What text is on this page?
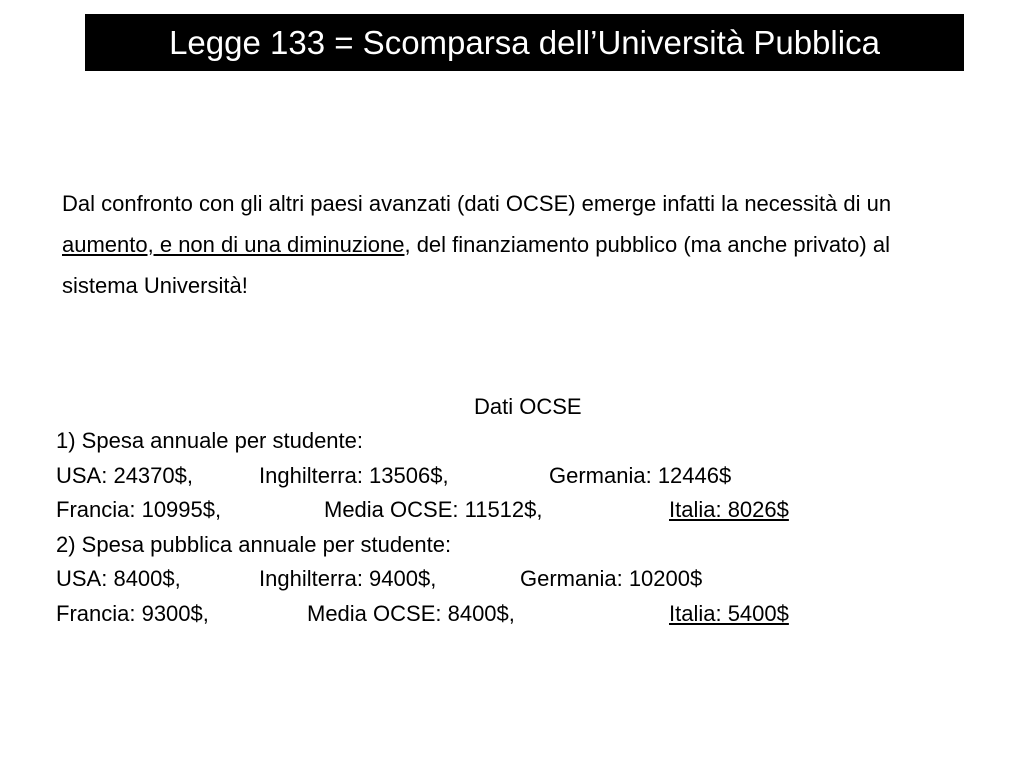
Legge 133 = Scomparsa dell’Università Pubblica
Dal confronto con gli altri paesi avanzati (dati OCSE) emerge infatti la necessità di un aumento, e non di una diminuzione, del finanziamento pubblico (ma anche privato) al sistema Università!
Dati OCSE
1) Spesa annuale per studente:
USA: 24370$,	Inghilterra: 13506$,	Germania: 12446$
Francia: 10995$,	Media OCSE: 11512$,	Italia: 8026$
2) Spesa pubblica annuale per studente:
USA: 8400$,	Inghilterra: 9400$,	Germania: 10200$
Francia: 9300$,	Media OCSE: 8400$,	Italia: 5400$
